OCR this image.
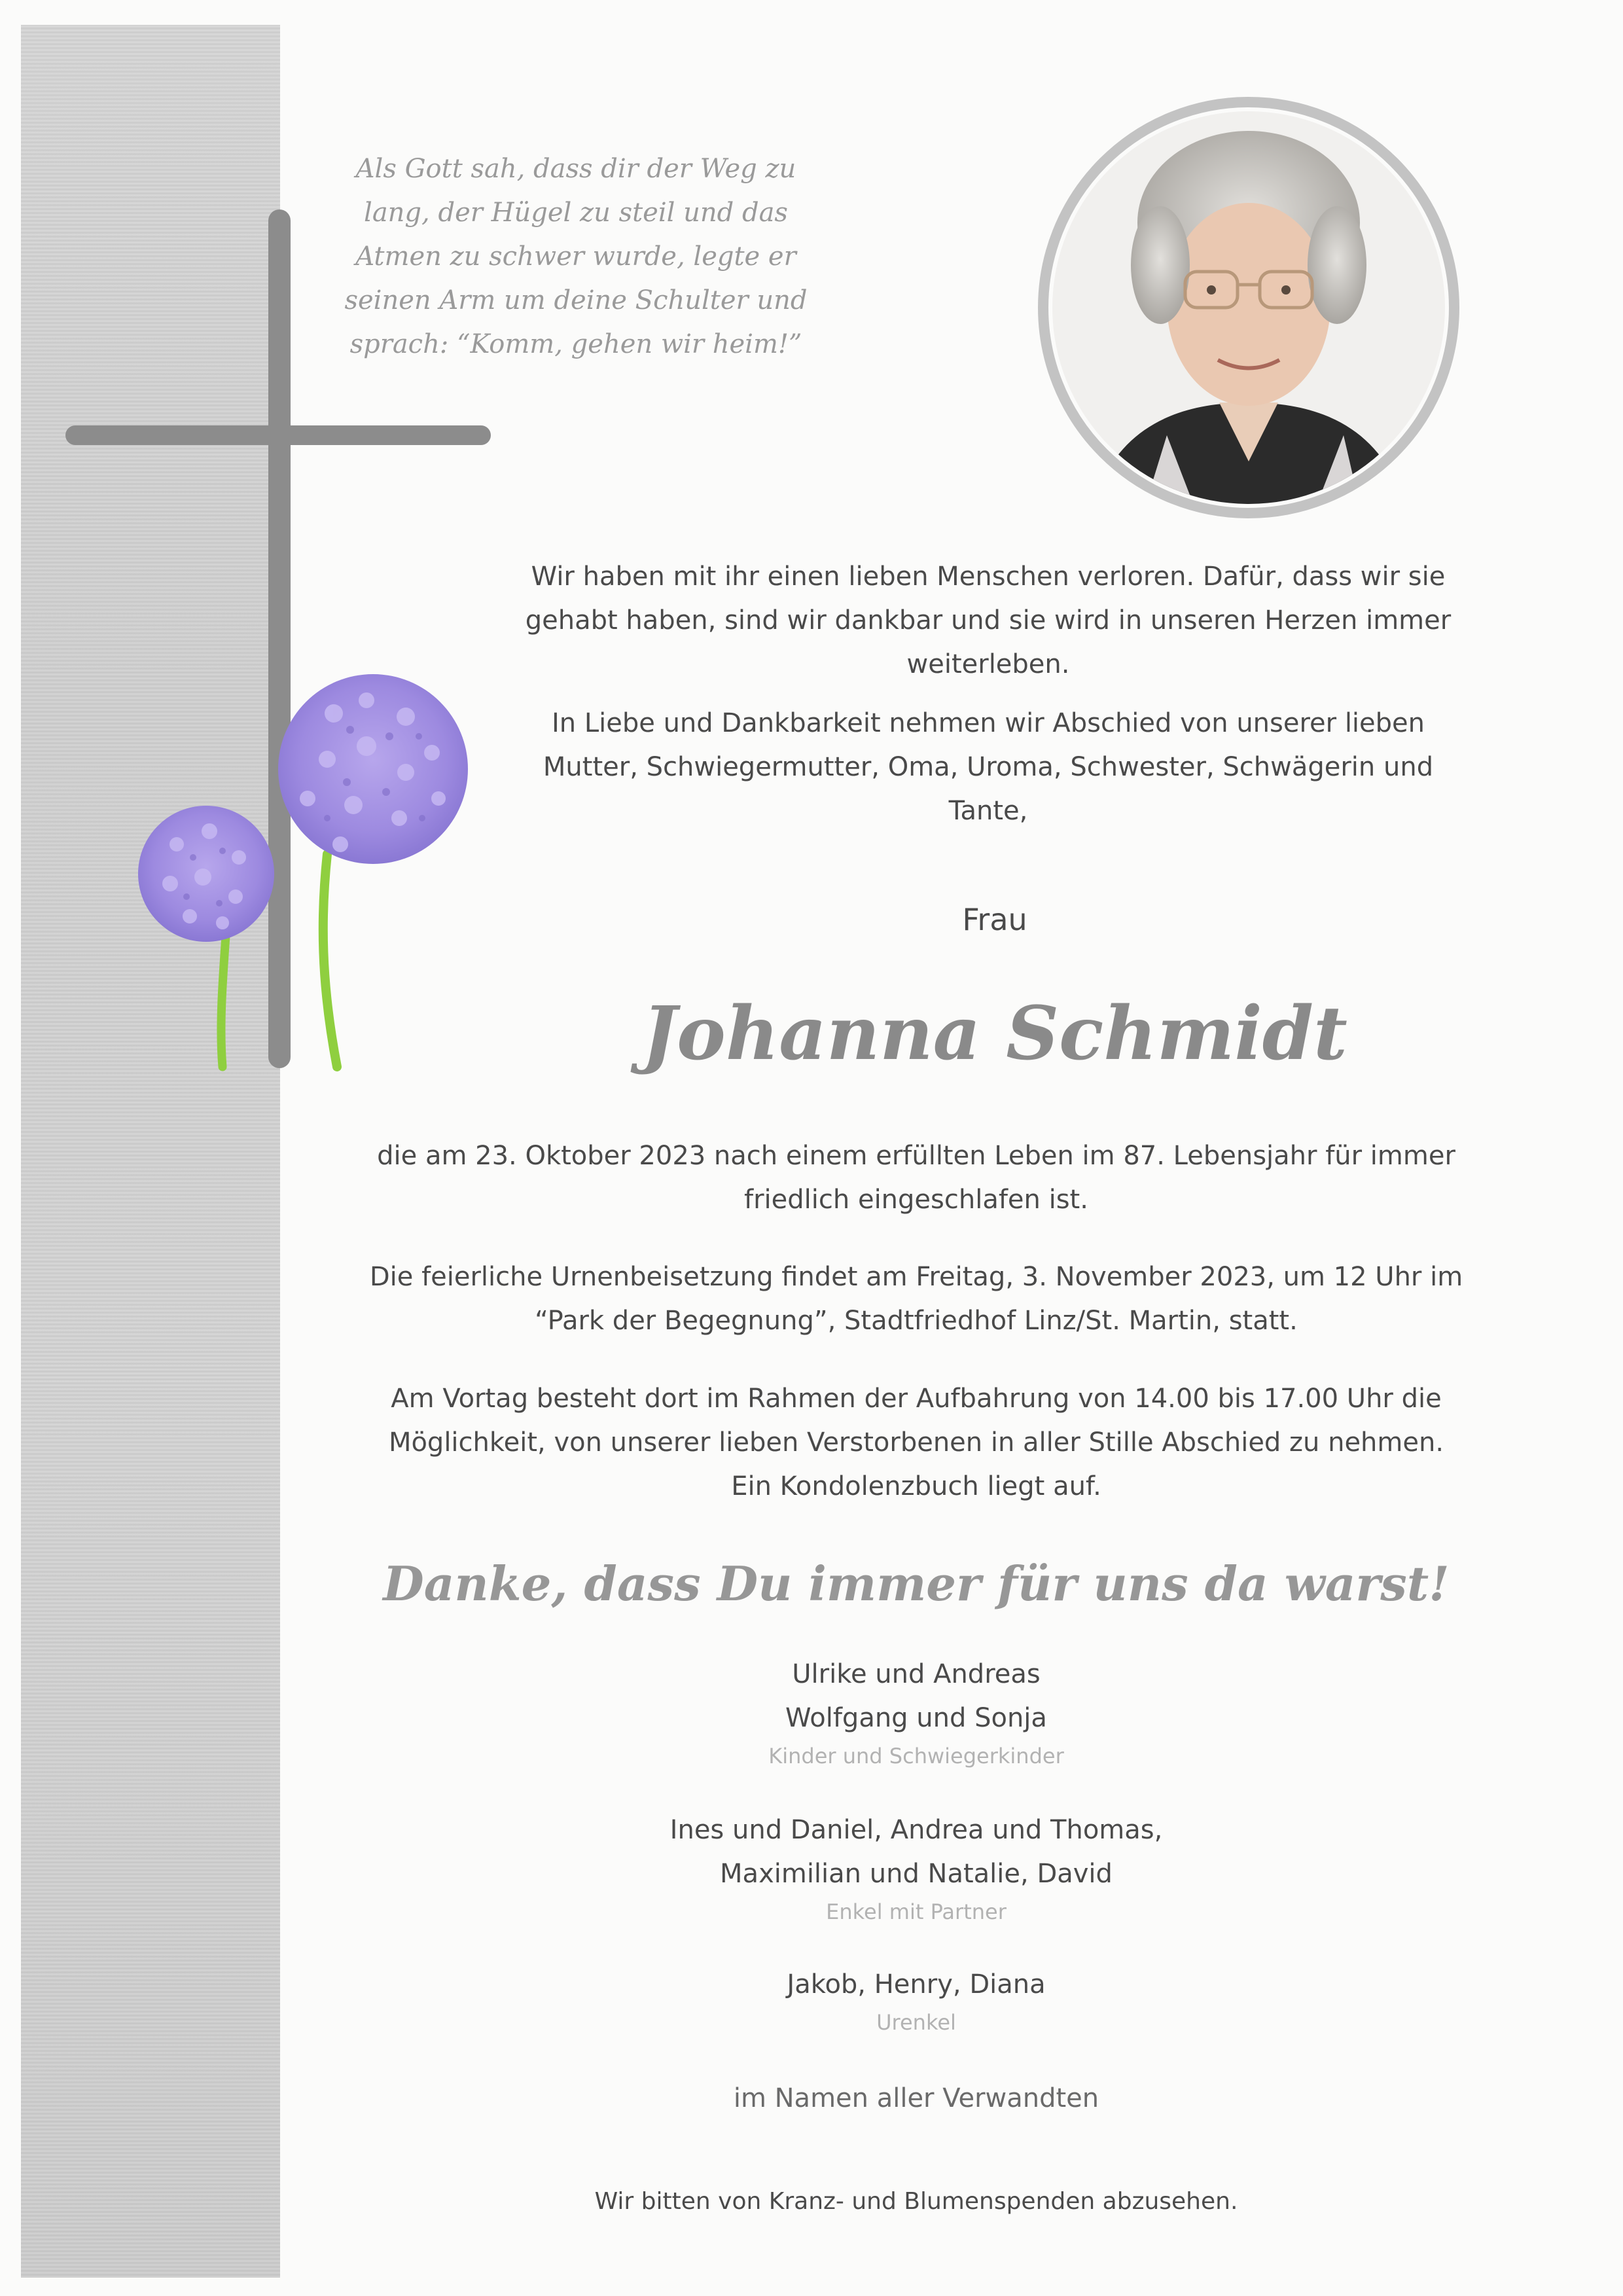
Als Gott sah, dass dir der Weg zu
lang, der Hügel zu steil und das
Atmen zu schwer wurde, legte er
seinen Arm um deine Schulter und
sprach: “Komm, gehen wir heim!”
Wir haben mit ihr einen lieben Menschen verloren. Dafür, dass wir sie
gehabt haben, sind wir dankbar und sie wird in unseren Herzen immer
weiterleben.
In Liebe und Dankbarkeit nehmen wir Abschied von unserer lieben
Mutter, Schwiegermutter, Oma, Uroma, Schwester, Schwägerin und
Tante,
Frau
Johanna Schmidt
die am 23. Oktober 2023 nach einem erfüllten Leben im 87. Lebensjahr für immer
friedlich eingeschlafen ist.
Die feierliche Urnenbeisetzung findet am Freitag, 3. November 2023, um 12 Uhr im
“Park der Begegnung”, Stadtfriedhof Linz/St. Martin, statt.
Am Vortag besteht dort im Rahmen der Aufbahrung von 14.00 bis 17.00 Uhr die
Möglichkeit, von unserer lieben Verstorbenen in aller Stille Abschied zu nehmen.
Ein Kondolenzbuch liegt auf.
Danke, dass Du immer für uns da warst!
Ulrike und Andreas
Wolfgang und Sonja
Kinder und Schwiegerkinder
Ines und Daniel, Andrea und Thomas,
Maximilian und Natalie, David
Enkel mit Partner
Jakob, Henry, Diana
Urenkel
im Namen aller Verwandten
Wir bitten von Kranz- und Blumenspenden abzusehen.
